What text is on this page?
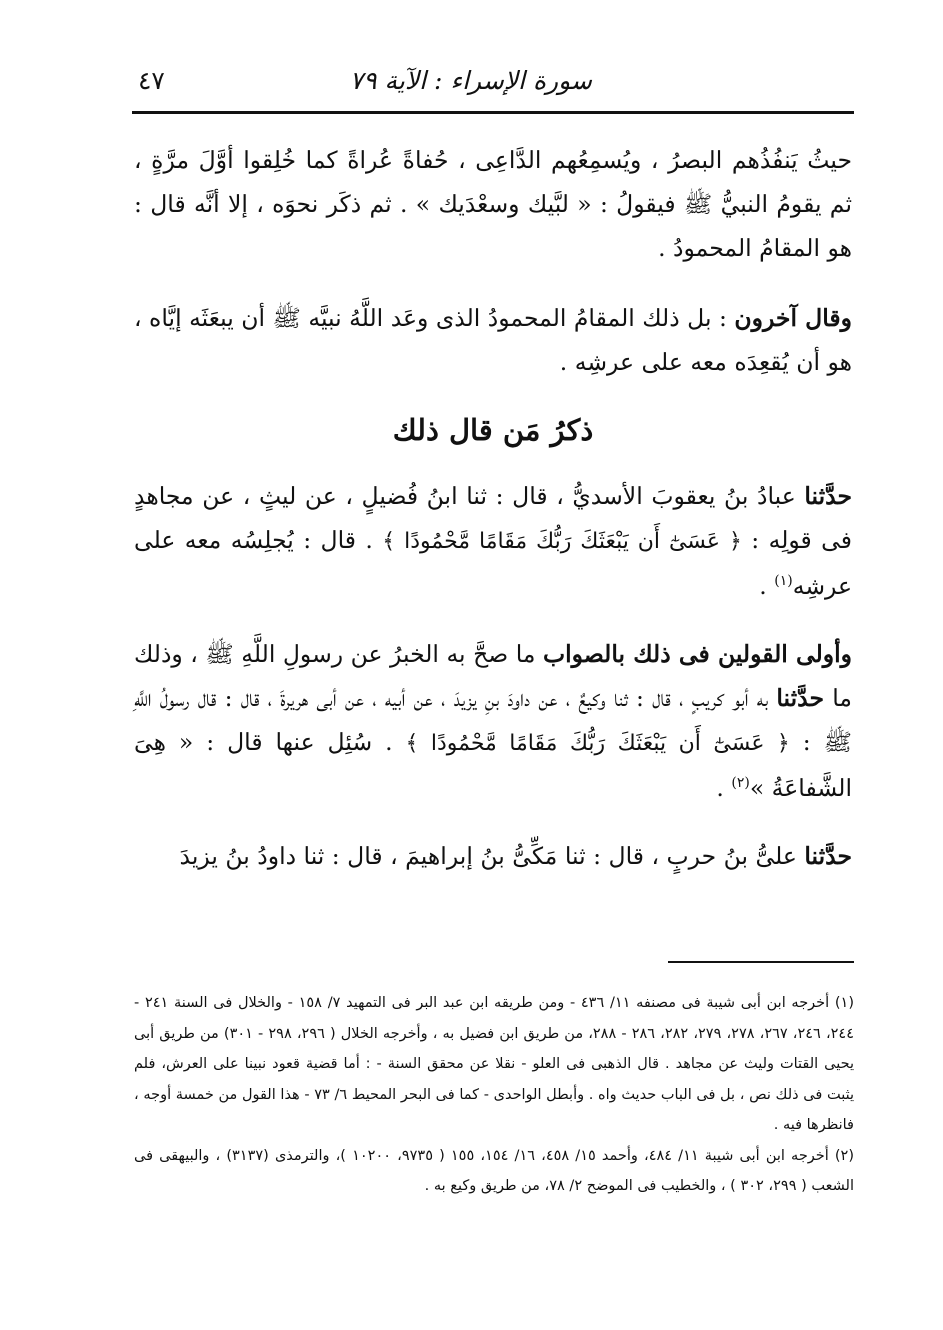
سورة الإسراء : الآية ٧٩
٤٧

حيثُ يَنفُذُهم البصرُ ، ويُسمِعُهم الدَّاعِى ، حُفاةً عُراةً كما خُلِقوا أوَّلَ مرَّةٍ ، ثم يقومُ النبيُّ ﷺ فيقولُ : « لبَّيك وسعْدَيك » . ثم ذكَر نحوَه ، إلا أنَّه قال : هو المقامُ المحمودُ .

وقال آخرون : بل ذلك المقامُ المحمودُ الذى وعَد اللَّهُ نبيَّه ﷺ أن يبعَثَه إيَّاه ، هو أن يُقعِدَه معه على عرشِه .

ذكرُ مَن قال ذلك

حدَّثنا عبادُ بنُ يعقوبَ الأسديُّ ، قال : ثنا ابنُ فُضيلٍ ، عن ليثٍ ، عن مجاهدٍ فى قولِه : ﴿ عَسَىٰٓ أَن يَبْعَثَكَ رَبُّكَ مَقَامًا مَّحْمُودًا ﴾ . قال : يُجلِسُه معه على عرشِه$^{(١)}$ .

وأولى القولين فى ذلك بالصواب ما صحَّ به الخبرُ عن رسولِ اللَّهِ ﷺ ، وذلك ما حدَّثنا به أبو كريبٍ ، قال : ثنا وكيعٌ ، عن داودَ بنِ يزيدَ ، عن أبيه ، عن أبى هريرةَ ، قال : قال رسولُ اللَّهِ ﷺ : ﴿ عَسَىٰٓ أَن يَبْعَثَكَ رَبُّكَ مَقَامًا مَّحْمُودًا ﴾ . سُئِل عنها قال : « هِىَ الشَّفاعَةُ »$^{(٢)}$ .

حدَّثنا علىُّ بنُ حربٍ ، قال : ثنا مَكِّىُّ بنُ إبراهيمَ ، قال : ثنا داودُ بنُ يزيدَ

(١) أخرجه ابن أبى شيبة فى مصنفه ١١/ ٤٣٦ - ومن طريقه ابن عبد البر فى التمهيد ٧/ ١٥٨ - والخلال فى السنة ٢٤١ - ٢٤٤، ٢٤٦، ٢٦٧، ٢٧٨، ٢٧٩، ٢٨٢، ٢٨٦ - ٢٨٨، من طريق ابن فضيل به ، وأخرجه الخلال ( ٢٩٦، ٢٩٨ - ٣٠١) من طريق أبى يحيى القتات وليث عن مجاهد . قال الذهبى فى العلو - نقلا عن محقق السنة - : أما قضية قعود نبينا على العرش، فلم يثبت فى ذلك نص ، بل فى الباب حديث واه . وأبطل الواحدى - كما فى البحر المحيط ٦/ ٧٣ - هذا القول من خمسة أوجه ، فانظرها فيه .

(٢) أخرجه ابن أبى شيبة ١١/ ٤٨٤، وأحمد ١٥/ ٤٥٨، ١٦/ ١٥٤، ١٥٥ ( ٩٧٣٥، ١٠٢٠٠ )، والترمذى (٣١٣٧) ، والبيهقى فى الشعب ( ٢٩٩، ٣٠٢ ) ، والخطيب فى الموضح ٢/ ٧٨، من طريق وكيع به .
